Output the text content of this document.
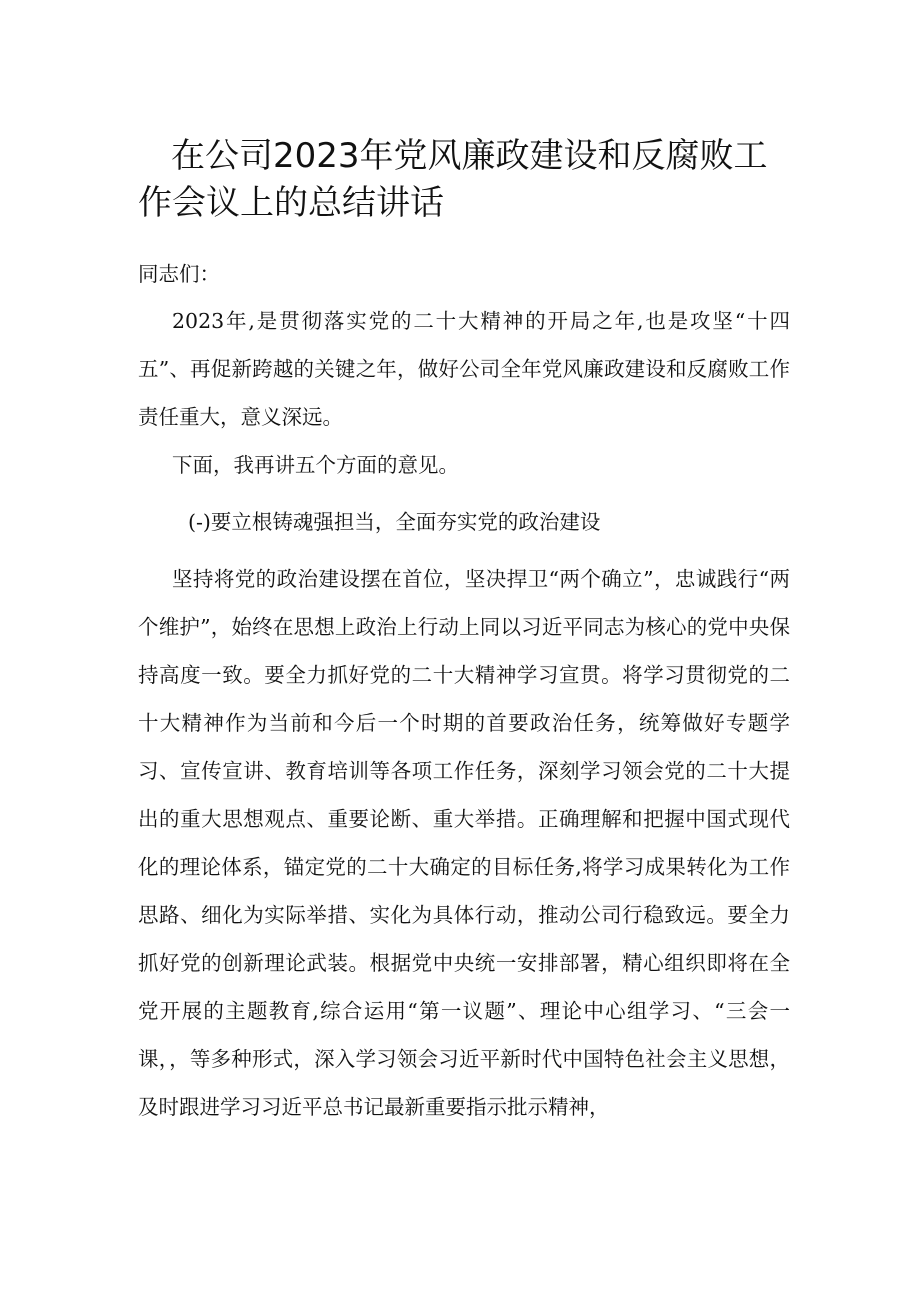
在公司2023年党风廉政建设和反腐败工作会议上的总结讲话

同志们：

2023年,是贯彻落实党的二十大精神的开局之年,也是攻坚“十四五”、再促新跨越的关键之年，做好公司全年党风廉政建设和反腐败工作责任重大，意义深远。

下面，我再讲五个方面的意见。

(-)要立根铸魂强担当，全面夯实党的政治建设

坚持将党的政治建设摆在首位，坚决捍卫“两个确立”，忠诚践行“两个维护”，始终在思想上政治上行动上同以习近平同志为核心的党中央保持高度一致。要全力抓好党的二十大精神学习宣贯。将学习贯彻党的二十大精神作为当前和今后一个时期的首要政治任务，统筹做好专题学习、宣传宣讲、教育培训等各项工作任务，深刻学习领会党的二十大提出的重大思想观点、重要论断、重大举措。正确理解和把握中国式现代化的理论体系，锚定党的二十大确定的目标任务,将学习成果转化为工作思路、细化为实际举措、实化为具体行动，推动公司行稳致远。要全力抓好党的创新理论武装。根据党中央统一安排部署，精心组织即将在全党开展的主题教育,综合运用“第一议题”、理论中心组学习、“三会一课，，等多种形式，深入学习领会习近平新时代中国特色社会主义思想，及时跟进学习习近平总书记最新重要指示批示精神，
